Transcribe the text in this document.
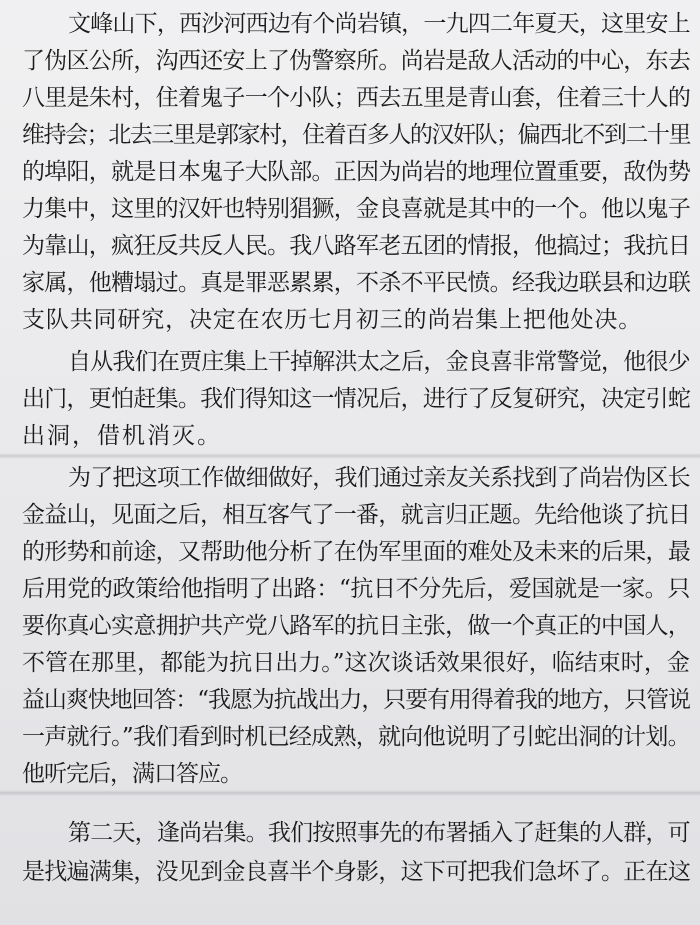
文峰山下，西沙河西边有个尚岩镇，一九四二年夏天，这里安上
了伪区公所，沟西还安上了伪警察所。尚岩是敌人活动的中心，东去
八里是朱村，住着鬼子一个小队；西去五里是青山套，住着三十人的
维持会；北去三里是郭家村，住着百多人的汉奸队；偏西北不到二十里
的埠阳，就是日本鬼子大队部。正因为尚岩的地理位置重要，敌伪势
力集中，这里的汉奸也特别猖獗，金良喜就是其中的一个。他以鬼子
为靠山，疯狂反共反人民。我八路军老五团的情报，他搞过；我抗日
家属，他糟塌过。真是罪恶累累，不杀不平民愤。经我边联县和边联
支队共同研究，决定在农历七月初三的尚岩集上把他处决。
自从我们在贾庄集上干掉解洪太之后，金良喜非常警觉，他很少
出门，更怕赶集。我们得知这一情况后，进行了反复研究，决定引蛇
出洞，借机消灭。
为了把这项工作做细做好，我们通过亲友关系找到了尚岩伪区长
金益山，见面之后，相互客气了一番，就言归正题。先给他谈了抗日
的形势和前途，又帮助他分析了在伪军里面的难处及未来的后果，最
后用党的政策给他指明了出路：“抗日不分先后，爱国就是一家。只
要你真心实意拥护共产党八路军的抗日主张，做一个真正的中国人，
不管在那里，都能为抗日出力。”这次谈话效果很好，临结束时，金
益山爽快地回答：“我愿为抗战出力，只要有用得着我的地方，只管说
一声就行。”我们看到时机已经成熟，就向他说明了引蛇出洞的计划。
他听完后，满口答应。
第二天，逢尚岩集。我们按照事先的布署插入了赶集的人群，可
是找遍满集，没见到金良喜半个身影，这下可把我们急坏了。正在这
